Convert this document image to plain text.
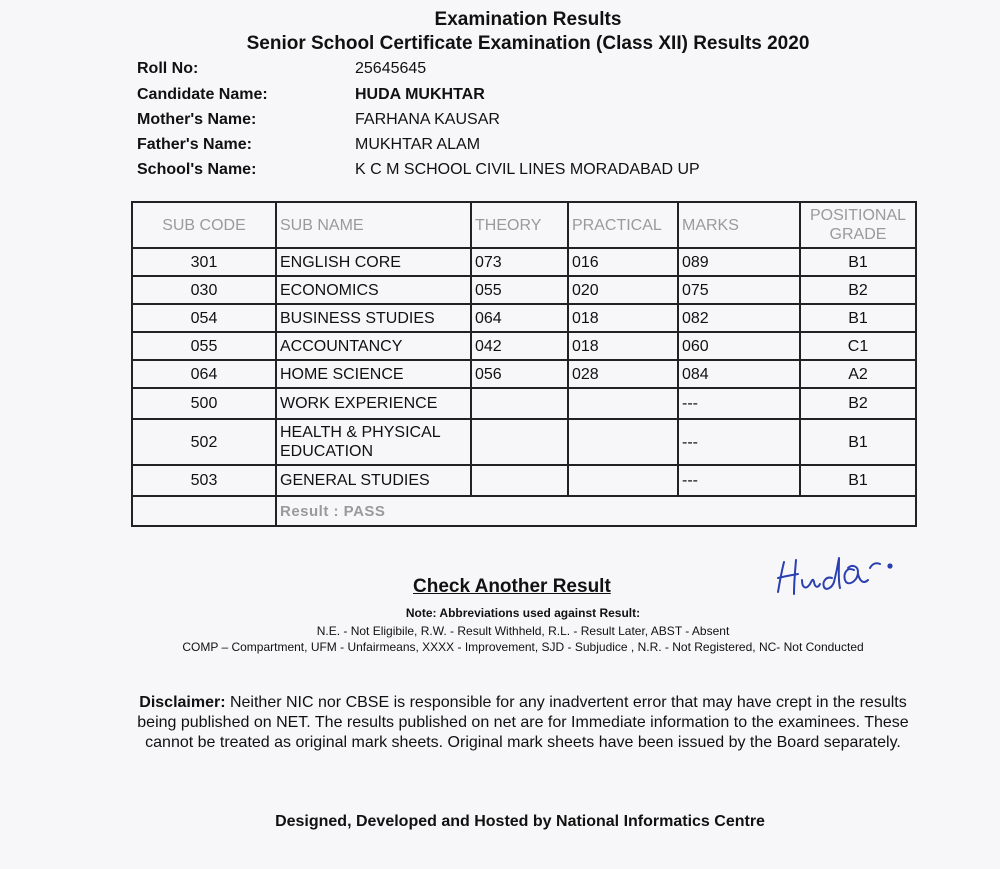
Examination Results
Senior School Certificate Examination (Class XII) Results 2020
Roll No:	25645645
Candidate Name:	HUDA MUKHTAR
Mother's Name:	FARHANA KAUSAR
Father's Name:	MUKHTAR ALAM
School's Name:	K C M SCHOOL CIVIL LINES MORADABAD UP
SUB CODE	SUB NAME	THEORY	PRACTICAL	MARKS	POSITIONAL GRADE
301	ENGLISH CORE	073	016	089	B1
030	ECONOMICS	055	020	075	B2
054	BUSINESS STUDIES	064	018	082	B1
055	ACCOUNTANCY	042	018	060	C1
064	HOME SCIENCE	056	028	084	A2
500	WORK EXPERIENCE			---	B2
502	HEALTH & PHYSICAL EDUCATION			---	B1
503	GENERAL STUDIES			---	B1
	Result : PASS				
Check Another Result
Note: Abbreviations used against Result:
N.E. - Not Eligibile, R.W. - Result Withheld, R.L. - Result Later, ABST - Absent
COMP – Compartment, UFM - Unfairmeans, XXXX - Improvement, SJD - Subjudice , N.R. - Not Registered, NC- Not Conducted
Disclaimer: Neither NIC nor CBSE is responsible for any inadvertent error that may have crept in the results being published on NET. The results published on net are for Immediate information to the examinees. These cannot be treated as original mark sheets. Original mark sheets have been issued by the Board separately.
Designed, Developed and Hosted by National Informatics Centre
